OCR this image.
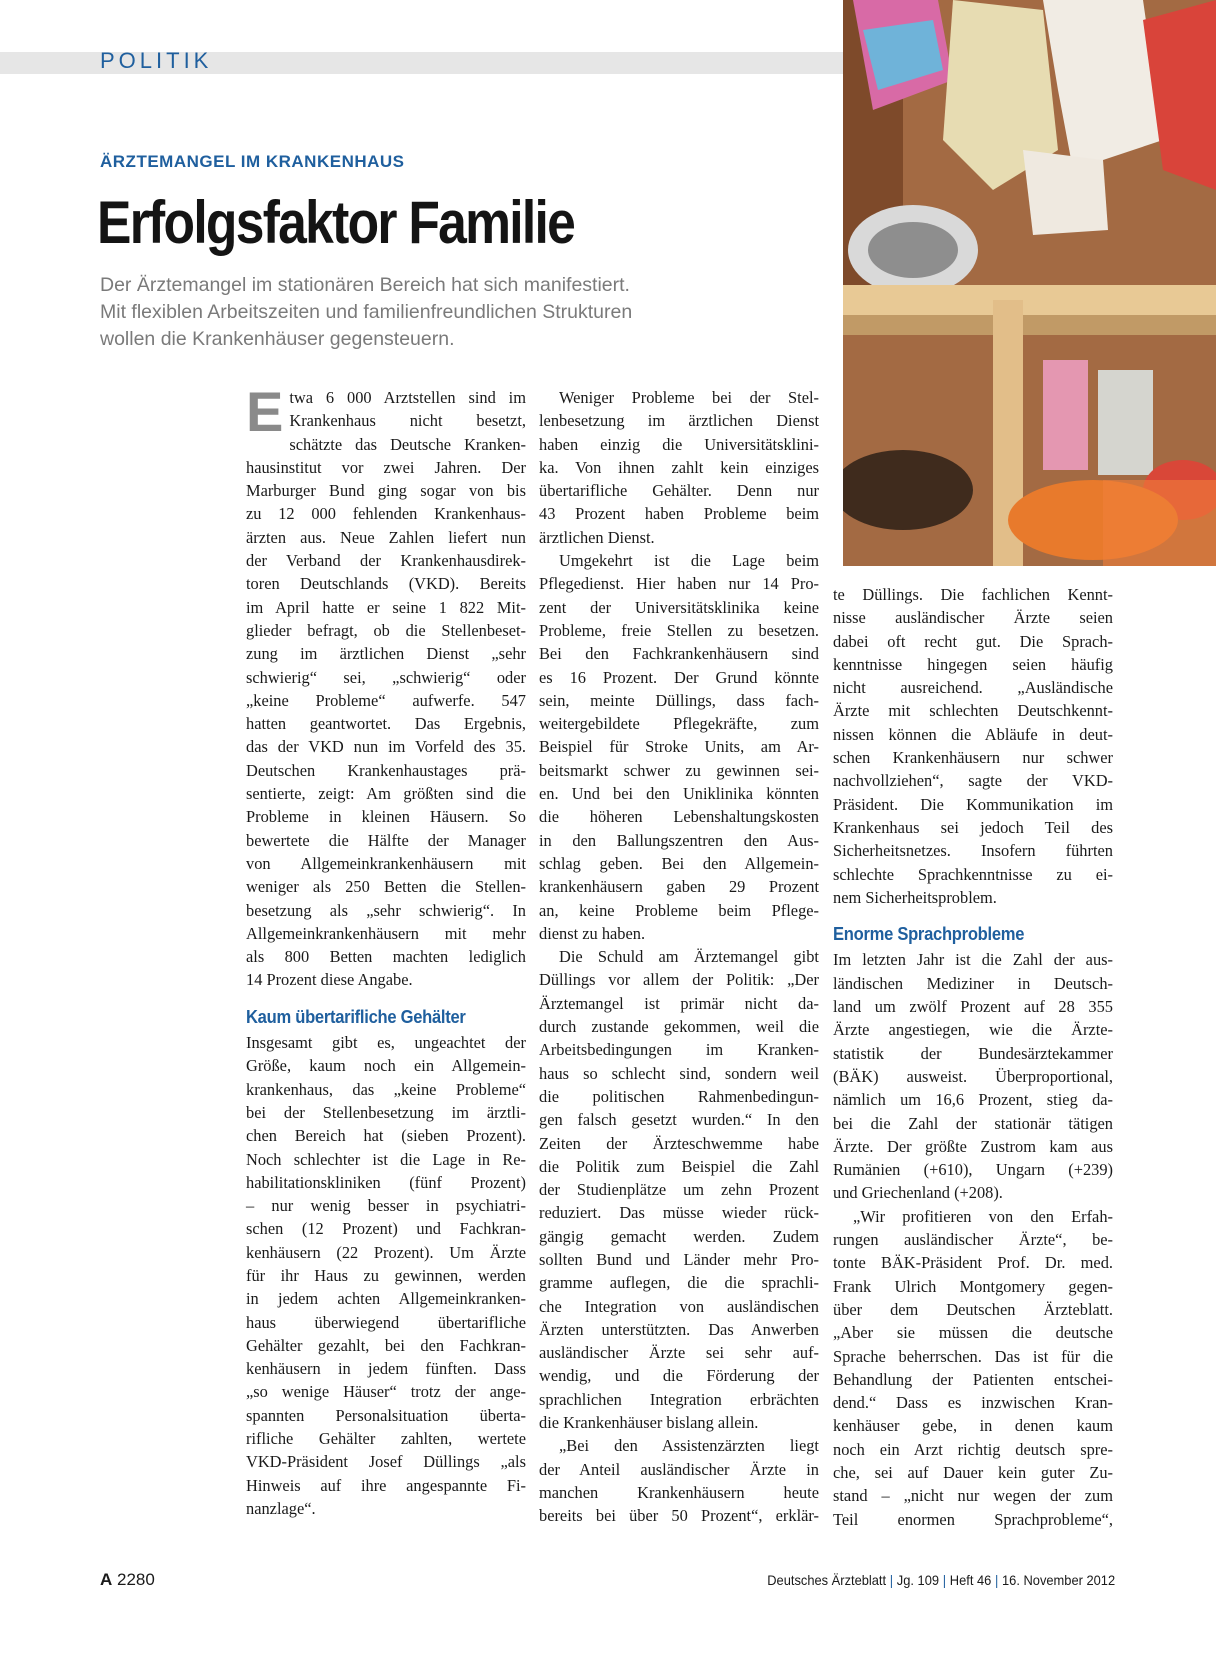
POLITIK
ÄRZTEMANGEL IM KRANKENHAUS
Erfolgsfaktor Familie
Der Ärztemangel im stationären Bereich hat sich manifestiert.
Mit flexiblen Arbeitszeiten und familienfreundlichen Strukturen
wollen die Krankenhäuser gegensteuern.
E twa 6 000 Arztstellen sind im
Krankenhaus nicht besetzt,
schätzte das Deutsche Kranken-
hausinstitut vor zwei Jahren. Der
Marburger Bund ging sogar von bis
zu 12 000 fehlenden Krankenhaus-
ärzten aus. Neue Zahlen liefert nun
der Verband der Krankenhausdirek-
toren Deutschlands (VKD). Bereits
im April hatte er seine 1 822 Mit-
glieder befragt, ob die Stellenbeset-
zung im ärztlichen Dienst „sehr
schwierig“ sei, „schwierig“ oder
„keine Probleme“ aufwerfe. 547
hatten geantwortet. Das Ergebnis,
das der VKD nun im Vorfeld des 35.
Deutschen Krankenhaustages prä-
sentierte, zeigt: Am größten sind die
Probleme in kleinen Häusern. So
bewertete die Hälfte der Manager
von Allgemeinkrankenhäusern mit
weniger als 250 Betten die Stellen-
besetzung als „sehr schwierig“. In
Allgemeinkrankenhäusern mit mehr
als 800 Betten machten lediglich
14 Prozent diese Angabe.
Kaum übertarifliche Gehälter
Insgesamt gibt es, ungeachtet der
Größe, kaum noch ein Allgemein-
krankenhaus, das „keine Probleme“
bei der Stellenbesetzung im ärztli-
chen Bereich hat (sieben Prozent).
Noch schlechter ist die Lage in Re-
habilitationskliniken (fünf Prozent)
– nur wenig besser in psychiatri-
schen (12 Prozent) und Fachkran-
kenhäusern (22 Prozent). Um Ärzte
für ihr Haus zu gewinnen, werden
in jedem achten Allgemeinkranken-
haus überwiegend übertarifliche
Gehälter gezahlt, bei den Fachkran-
kenhäusern in jedem fünften. Dass
„so wenige Häuser“ trotz der ange-
spannten Personalsituation überta-
rifliche Gehälter zahlten, wertete
VKD-Präsident Josef Düllings „als
Hinweis auf ihre angespannte Fi-
nanzlage“.
Weniger Probleme bei der Stel-
lenbesetzung im ärztlichen Dienst
haben einzig die Universitätsklini-
ka. Von ihnen zahlt kein einziges
übertarifliche Gehälter. Denn nur
43 Prozent haben Probleme beim
ärztlichen Dienst.
Umgekehrt ist die Lage beim
Pflegedienst. Hier haben nur 14 Pro-
zent der Universitätsklinika keine
Probleme, freie Stellen zu besetzen.
Bei den Fachkrankenhäusern sind
es 16 Prozent. Der Grund könnte
sein, meinte Düllings, dass fach-
weitergebildete Pflegekräfte, zum
Beispiel für Stroke Units, am Ar-
beitsmarkt schwer zu gewinnen sei-
en. Und bei den Uniklinika könnten
die höheren Lebenshaltungskosten
in den Ballungszentren den Aus-
schlag geben. Bei den Allgemein-
krankenhäusern gaben 29 Prozent
an, keine Probleme beim Pflege-
dienst zu haben.
Die Schuld am Ärztemangel gibt
Düllings vor allem der Politik: „Der
Ärztemangel ist primär nicht da-
durch zustande gekommen, weil die
Arbeitsbedingungen im Kranken-
haus so schlecht sind, sondern weil
die politischen Rahmenbedingun-
gen falsch gesetzt wurden.“ In den
Zeiten der Ärzteschwemme habe
die Politik zum Beispiel die Zahl
der Studienplätze um zehn Prozent
reduziert. Das müsse wieder rück-
gängig gemacht werden. Zudem
sollten Bund und Länder mehr Pro-
gramme auflegen, die die sprachli-
che Integration von ausländischen
Ärzten unterstützten. Das Anwerben
ausländischer Ärzte sei sehr auf-
wendig, und die Förderung der
sprachlichen Integration erbrächten
die Krankenhäuser bislang allein.
„Bei den Assistenzärzten liegt
der Anteil ausländischer Ärzte in
manchen Krankenhäusern heute
bereits bei über 50 Prozent“, erklär-
te Düllings. Die fachlichen Kennt-
nisse ausländischer Ärzte seien
dabei oft recht gut. Die Sprach-
kenntnisse hingegen seien häufig
nicht ausreichend. „Ausländische
Ärzte mit schlechten Deutschkennt-
nissen können die Abläufe in deut-
schen Krankenhäusern nur schwer
nachvollziehen“, sagte der VKD-
Präsident. Die Kommunikation im
Krankenhaus sei jedoch Teil des
Sicherheitsnetzes. Insofern führten
schlechte Sprachkenntnisse zu ei-
nem Sicherheitsproblem.
Enorme Sprachprobleme
Im letzten Jahr ist die Zahl der aus-
ländischen Mediziner in Deutsch-
land um zwölf Prozent auf 28 355
Ärzte angestiegen, wie die Ärzte-
statistik der Bundesärztekammer
(BÄK) ausweist. Überproportional,
nämlich um 16,6 Prozent, stieg da-
bei die Zahl der stationär tätigen
Ärzte. Der größte Zustrom kam aus
Rumänien (+610), Ungarn (+239)
und Griechenland (+208).
„Wir profitieren von den Erfah-
rungen ausländischer Ärzte“, be-
tonte BÄK-Präsident Prof. Dr. med.
Frank Ulrich Montgomery gegen-
über dem Deutschen Ärzteblatt.
„Aber sie müssen die deutsche
Sprache beherrschen. Das ist für die
Behandlung der Patienten entschei-
dend.“ Dass es inzwischen Kran-
kenhäuser gebe, in denen kaum
noch ein Arzt richtig deutsch spre-
che, sei auf Dauer kein guter Zu-
stand – „nicht nur wegen der zum
Teil enormen Sprachprobleme“,
A 2280	Deutsches Ärzteblatt | Jg. 109 | Heft 46 | 16. November 2012
